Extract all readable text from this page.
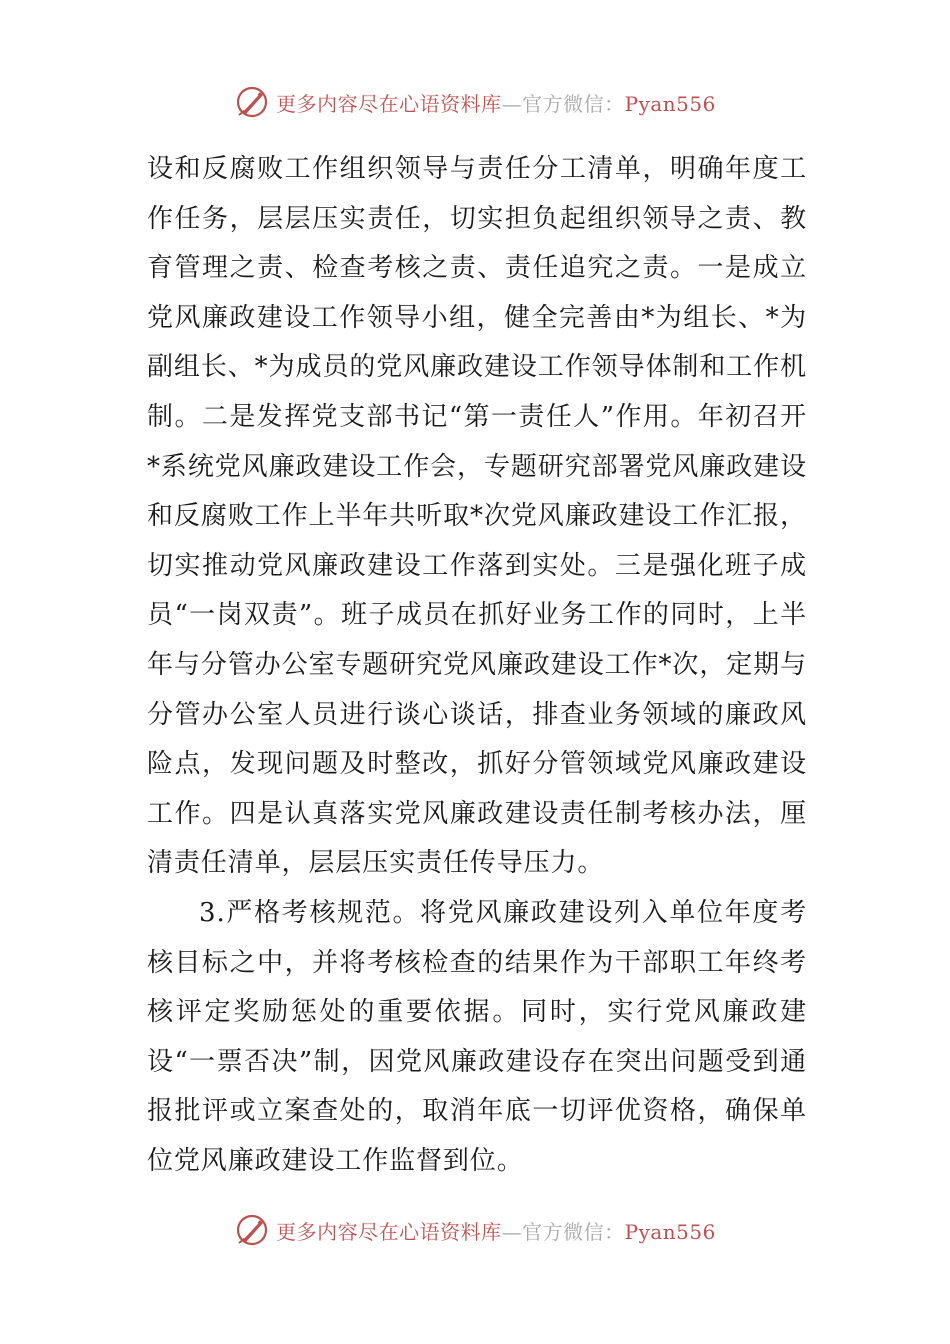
更多内容尽在心语资料库—官方微信：Pyan556

设和反腐败工作组织领导与责任分工清单，明确年度工作任务，层层压实责任，切实担负起组织领导之责、教育管理之责、检查考核之责、责任追究之责。一是成立党风廉政建设工作领导小组，健全完善由*为组长、*为副组长、*为成员的党风廉政建设工作领导体制和工作机制。二是发挥党支部书记“第一责任人”作用。年初召开*系统党风廉政建设工作会，专题研究部署党风廉政建设和反腐败工作上半年共听取*次党风廉政建设工作汇报，切实推动党风廉政建设工作落到实处。三是强化班子成员“一岗双责”。班子成员在抓好业务工作的同时，上半年与分管办公室专题研究党风廉政建设工作*次，定期与分管办公室人员进行谈心谈话，排查业务领域的廉政风险点，发现问题及时整改，抓好分管领域党风廉政建设工作。四是认真落实党风廉政建设责任制考核办法，厘清责任清单，层层压实责任传导压力。

3.严格考核规范。将党风廉政建设列入单位年度考核目标之中，并将考核检查的结果作为干部职工年终考核评定奖励惩处的重要依据。同时，实行党风廉政建设“一票否决”制，因党风廉政建设存在突出问题受到通报批评或立案查处的，取消年底一切评优资格，确保单位党风廉政建设工作监督到位。

更多内容尽在心语资料库—官方微信：Pyan556
